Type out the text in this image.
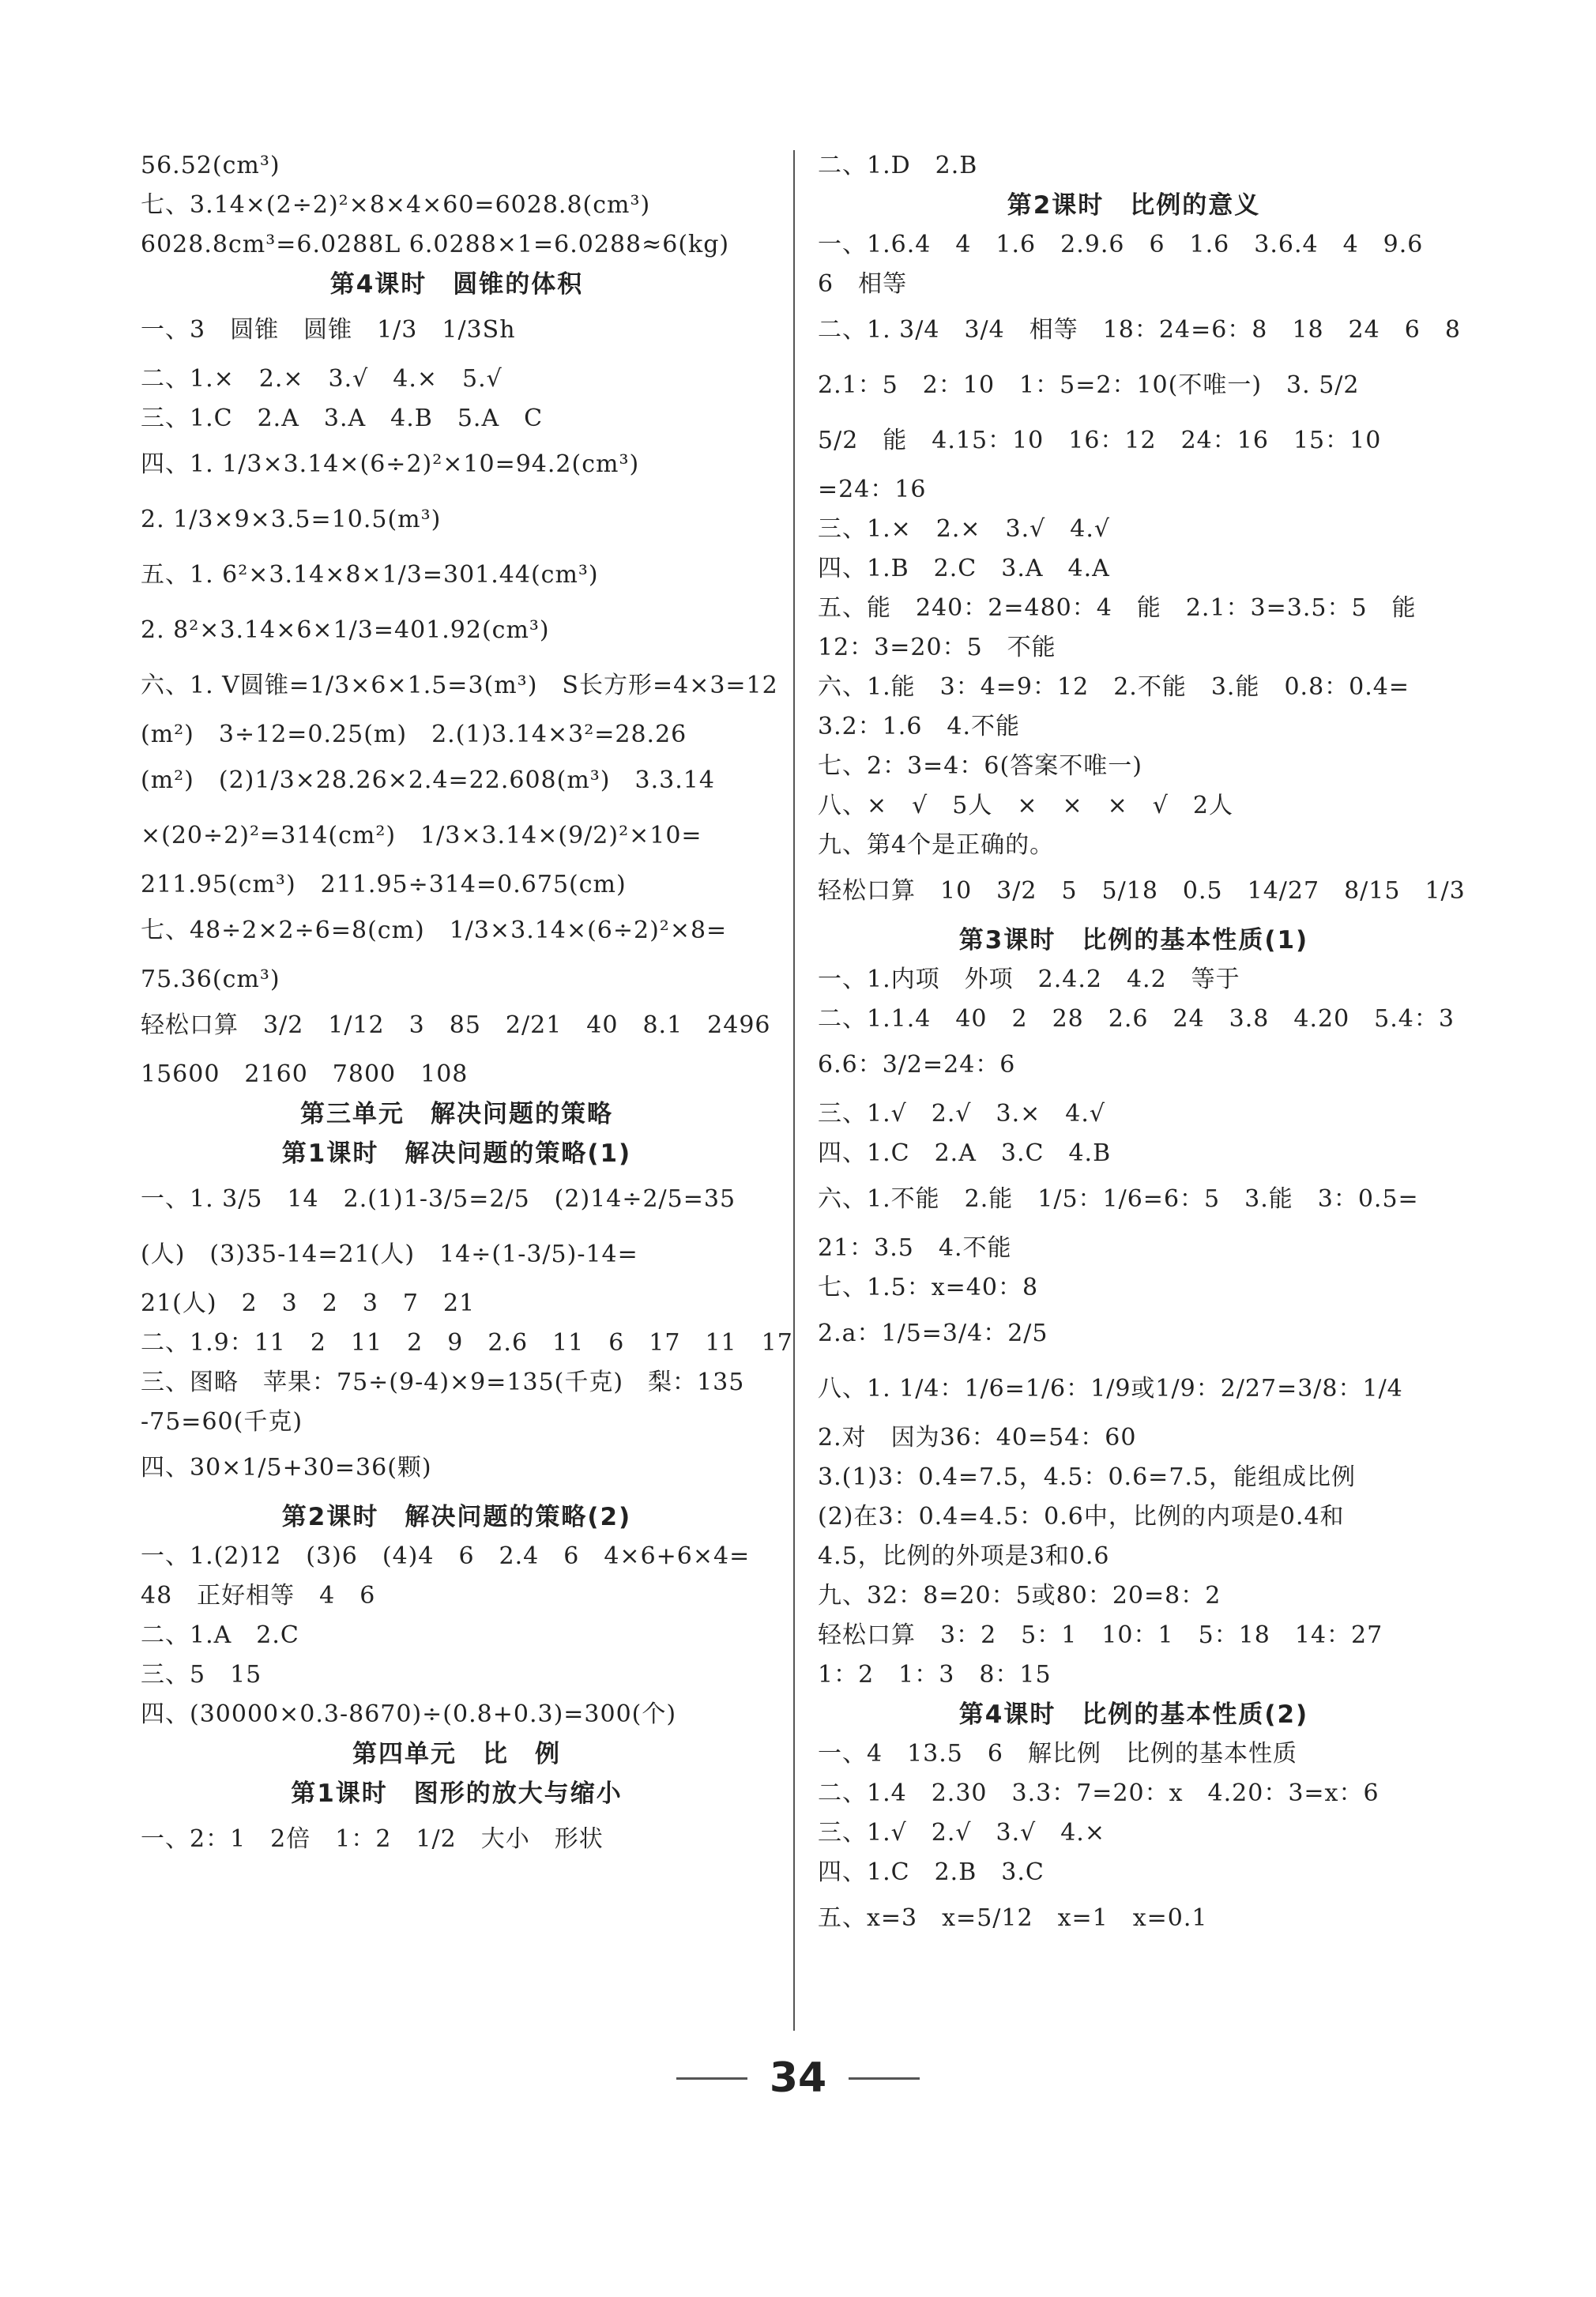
56.52(cm³)
七、3.14×(2÷2)²×8×4×60=6028.8(cm³)
6028.8cm³=6.0288L 6.0288×1=6.0288≈6(kg)
第4课时　圆锥的体积
一、3　圆锥　圆锥　1/3　1/3Sh
二、1.×　2.×　3.√　4.×　5.√
三、1.C　2.A　3.A　4.B　5.A　C
四、1. 1/3×3.14×(6÷2)²×10=94.2(cm³)
2. 1/3×9×3.5=10.5(m³)
五、1. 6²×3.14×8×1/3=301.44(cm³)
2. 8²×3.14×6×1/3=401.92(cm³)
六、1. V圆锥=1/3×6×1.5=3(m³)　S长方形=4×3=12
(m²)　3÷12=0.25(m)　2.(1)3.14×3²=28.26
(m²)　(2)1/3×28.26×2.4=22.608(m³)　3.3.14
×(20÷2)²=314(cm²)　1/3×3.14×(9/2)²×10=
211.95(cm³)　211.95÷314=0.675(cm)
七、48÷2×2÷6=8(cm)　1/3×3.14×(6÷2)²×8=
75.36(cm³)
轻松口算　3/2　1/12　3　85　2/21　40　8.1　2496
15600　2160　7800　108
第三单元　解决问题的策略
第1课时　解决问题的策略(1)
一、1. 3/5　14　2.(1)1-3/5=2/5　(2)14÷2/5=35
(人)　(3)35-14=21(人)　14÷(1-3/5)-14=
21(人)　2　3　2　3　7　21
二、1.9：11　2　11　2　9　2.6　11　6　17　11　17
三、图略　苹果：75÷(9-4)×9=135(千克)　梨：135
-75=60(千克)
四、30×1/5+30=36(颗)
第2课时　解决问题的策略(2)
一、1.(2)12　(3)6　(4)4　6　2.4　6　4×6+6×4=
48　正好相等　4　6
二、1.A　2.C
三、5　15
四、(30000×0.3-8670)÷(0.8+0.3)=300(个)
第四单元　比　例
第1课时　图形的放大与缩小
一、2：1　2倍　1：2　1/2　大小　形状
二、1.D　2.B
第2课时　比例的意义
一、1.6.4　4　1.6　2.9.6　6　1.6　3.6.4　4　9.6
6　相等
二、1. 3/4　3/4　相等　18：24=6：8　18　24　6　8
2.1：5　2：10　1：5=2：10(不唯一)　3. 5/2
5/2　能　4.15：10　16：12　24：16　15：10
=24：16
三、1.×　2.×　3.√　4.√
四、1.B　2.C　3.A　4.A
五、能　240：2=480：4　能　2.1：3=3.5：5　能
12：3=20：5　不能
六、1.能　3：4=9：12　2.不能　3.能　0.8：0.4=
3.2：1.6　4.不能
七、2：3=4：6(答案不唯一)
八、×　√　5人　×　×　×　√　2人
九、第4个是正确的。
轻松口算　10　3/2　5　5/18　0.5　14/27　8/15　1/3
第3课时　比例的基本性质(1)
一、1.内项　外项　2.4.2　4.2　等于
二、1.1.4　40　2　28　2.6　24　3.8　4.20　5.4：3
6.6：3/2=24：6
三、1.√　2.√　3.×　4.√
四、1.C　2.A　3.C　4.B
六、1.不能　2.能　1/5：1/6=6：5　3.能　3：0.5=
21：3.5　4.不能
七、1.5：x=40：8
2.a：1/5=3/4：2/5
八、1. 1/4：1/6=1/6：1/9或1/9：2/27=3/8：1/4
2.对　因为36：40=54：60
3.(1)3：0.4=7.5，4.5：0.6=7.5，能组成比例
(2)在3：0.4=4.5：0.6中，比例的内项是0.4和
4.5，比例的外项是3和0.6
九、32：8=20：5或80：20=8：2
轻松口算　3：2　5：1　10：1　5：18　14：27
1：2　1：3　8：15
第4课时　比例的基本性质(2)
一、4　13.5　6　解比例　比例的基本性质
二、1.4　2.30　3.3：7=20：x　4.20：3=x：6
三、1.√　2.√　3.√　4.×
四、1.C　2.B　3.C
五、x=3　x=5/12　x=1　x=0.1
34
